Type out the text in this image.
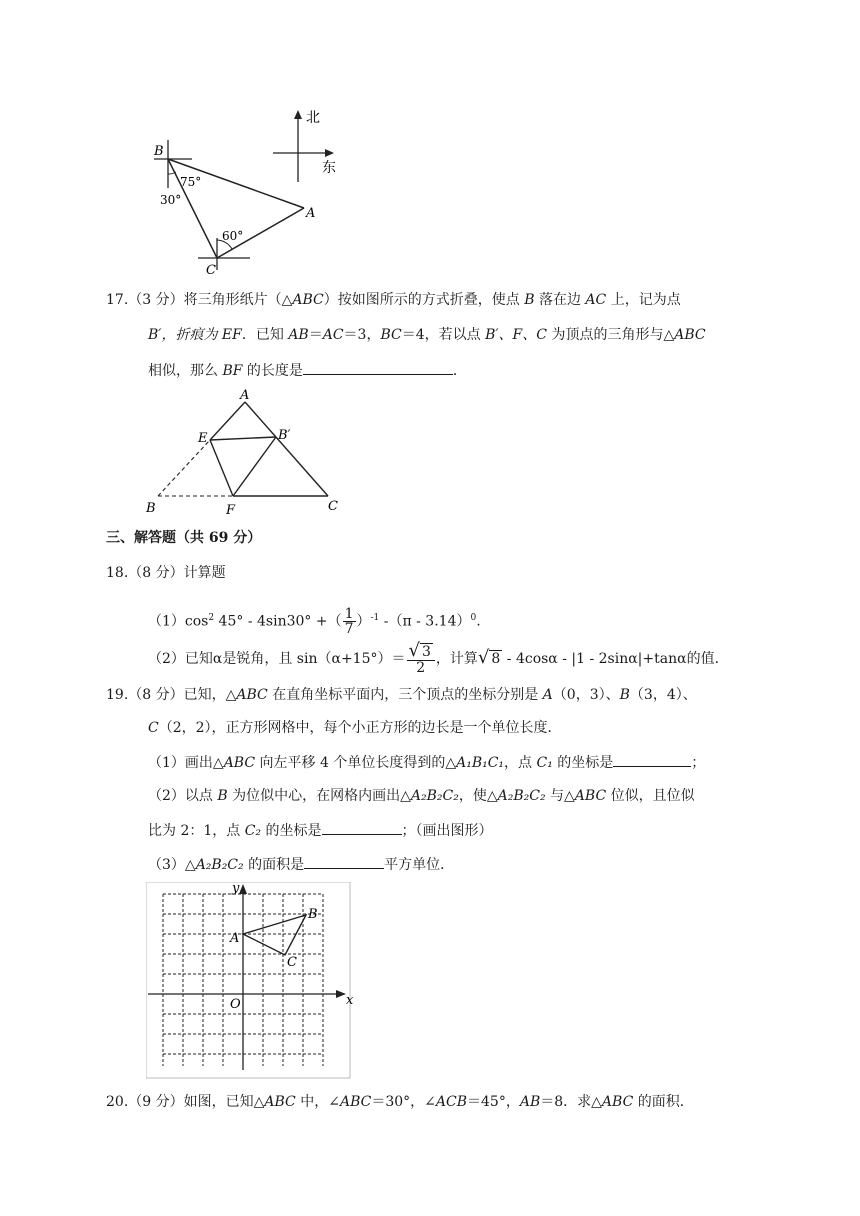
B
A
C
75°
30°
60°
北
东
17.（3 分）将三角形纸片（△ABC）按如图所示的方式折叠，使点 B 落在边 AC 上，记为点
B′，折痕为 EF．已知 AB＝AC＝3，BC＝4，若以点 B′、F、C 为顶点的三角形与△ABC
相似，那么 BF 的长度是	．
A
E	B′
B	F	C
三、解答题（共 69 分）
18.（8 分）计算题
$(1)\cos^2$ 45° - 4sin30° +（ $\frac{1}{7} )^{-1}$ -（π - 3.14）$^0$.
（2）已知α是锐角，且 $\sin(\alpha+15^\circ)= \frac{√ 3}{2}$ ，计算√ 8 - 4cosα - |1 - 2sinα|+tanα的值．
19.（8 分）已知，△ABC 在直角坐标平面内，三个顶点的坐标分别是 A（0，3）、B（3，4）、
C（2，2），正方形网格中，每个小正方形的边长是一个单位长度．
（1）画出△ABC 向左平移 4 个单位长度得到的△A₁B₁C₁，点 C₁ 的坐标是	；
（2）以点 B 为位似中心，在网格内画出△A₂B₂C₂，使△A₂B₂C₂ 与△ABC 位似，且位似
比为 2：1，点 C₂ 的坐标是	；（画出图形）
（3）△A₂B₂C₂ 的面积是	平方单位．
y
x
O
A
B
C
20.（9 分）如图，已知△ABC 中，∠ABC＝30°，∠ACB＝45°，AB＝8．求△ABC 的面积．
